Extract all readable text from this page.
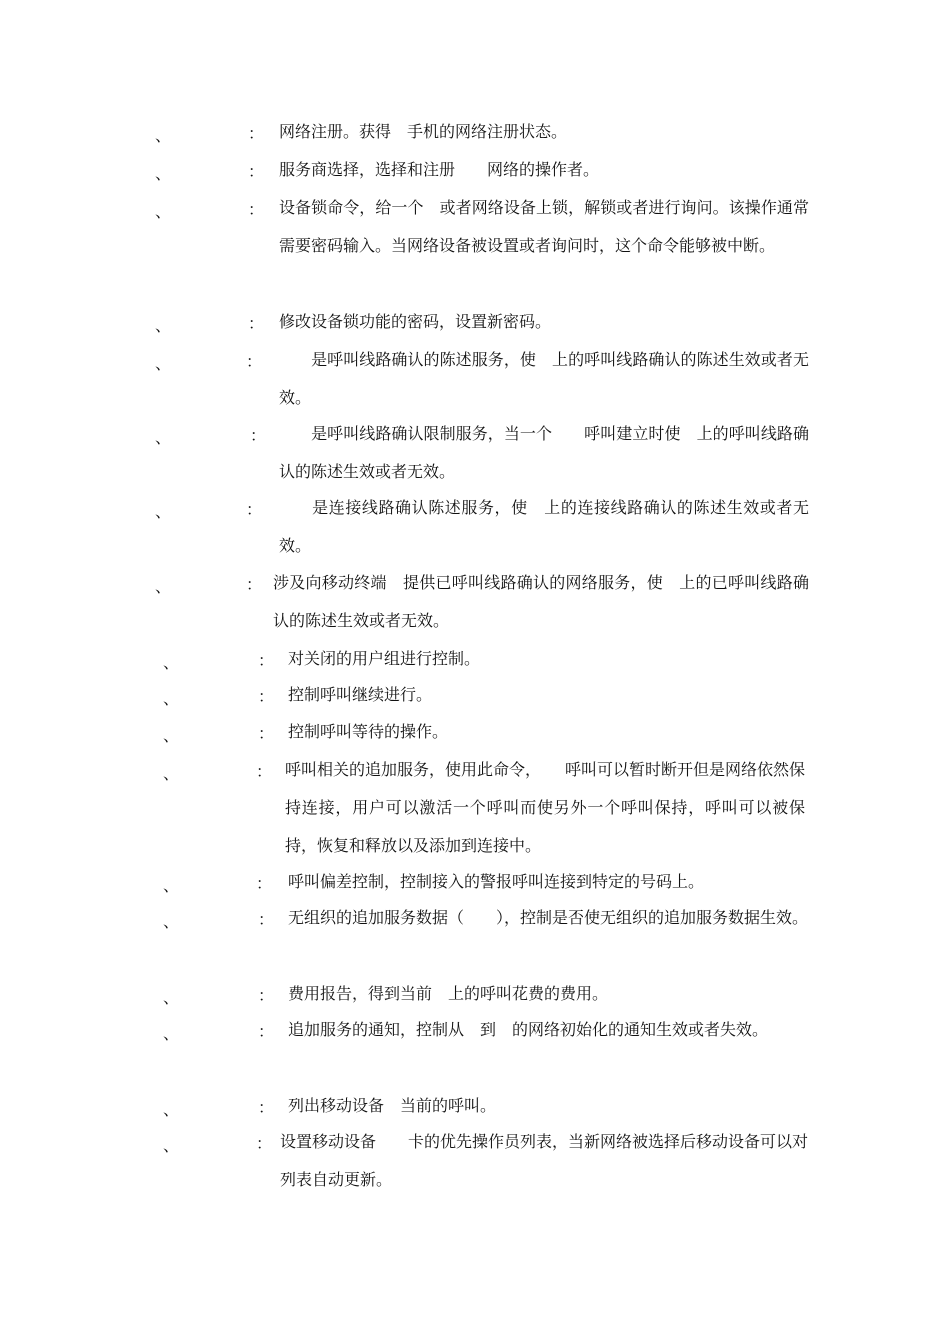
、	： 网络注册。获得　手机的网络注册状态。
、	： 服务商选择，选择和注册　　网络的操作者。
、	： 设备锁命令，给一个　或者网络设备上锁，解锁或者进行询问。该操作通常需要密码输入。当网络设备被设置或者询问时，这个命令能够被中断。
、	： 修改设备锁功能的密码，设置新密码。
、	： 　　是呼叫线路确认的陈述服务，使　上的呼叫线路确认的陈述生效或者无效。
、	： 　　是呼叫线路确认限制服务，当一个　　呼叫建立时使　上的呼叫线路确认的陈述生效或者无效。
、	： 　　是连接线路确认陈述服务，使　上的连接线路确认的陈述生效或者无效。
、	： 涉及向移动终端　提供已呼叫线路确认的网络服务，使　上的已呼叫线路确认的陈述生效或者无效。
、	： 对关闭的用户组进行控制。
、	： 控制呼叫继续进行。
、	： 控制呼叫等待的操作。
、	： 呼叫相关的追加服务，使用此命令，　　呼叫可以暂时断开但是网络依然保持连接，用户可以激活一个呼叫而使另外一个呼叫保持，呼叫可以被保持，恢复和释放以及添加到连接中。
、	： 呼叫偏差控制，控制接入的警报呼叫连接到特定的号码上。
、	： 无组织的追加服务数据（　　），控制是否使无组织的追加服务数据生效。
、	： 费用报告，得到当前　上的呼叫花费的费用。
、	： 追加服务的通知，控制从　到　的网络初始化的通知生效或者失效。
、	： 列出移动设备　当前的呼叫。
、	： 设置移动设备　　卡的优先操作员列表，当新网络被选择后移动设备可以对列表自动更新。
